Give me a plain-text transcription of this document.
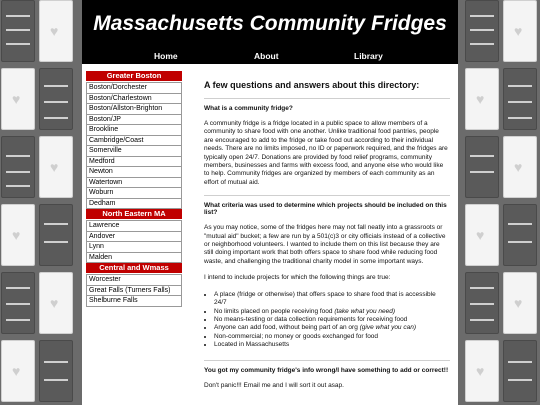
♥
♥
♥
♥
♥
♥
♥
♥
♥
♥
♥
♥
Massachusetts Community Fridges
Home	About	Library
Greater Boston
Boston/Dorchester
Boston/Charlestown
Boston/Allston-Brighton
Boston/JP
Brookline
Cambridge/Coast
Somerville
Medford
Newton
Watertown
Woburn
Dedham
North Eastern MA
Lawrence
Andover
Lynn
Malden
Central and Wmass
Worcester
Great Falls (Turners Falls)
Shelburne Falls
A few questions and answers about this directory:
What is a community fridge?
A community fridge is a fridge located in a public space to allow members of a community to share food with one another. Unlike traditional food pantries, people are encouraged to add to the fridge or take food out according to their individual needs. There are no limits imposed, no ID or paperwork required, and the fridges are typically open 24/7. Donations are provided by food relief programs, community members, businesses and farms with excess food, and anyone else who would like to help. Community fridges are organized by members of each community as an effort of mutual aid.
What criteria was used to determine which projects should be included on this list?
As you may notice, some of the fridges here may not fall neatly into a grassroots or "mutual aid" bucket; a few are run by a 501(c)3 or city officials instead of a collective or neighborhood volunteers. I wanted to include them on this list because they are still doing important work that both offers space to share food while reducing food waste, and challenging the traditional charity model in some important ways.
I intend to include projects for which the following things are true:
• A place (fridge or otherwise) that offers space to share food that is accessible 24/7
• No limits placed on people receiving food (take what you need)
• No means-testing or data collection requirements for receiving food
• Anyone can add food, without being part of an org (give what you can)
• Non-commercial; no money or goods exchanged for food
• Located in Massachusetts
You got my community fridge's info wrong/I have something to add or correct!!
Don't panic!!! Email me and I will sort it out asap.
